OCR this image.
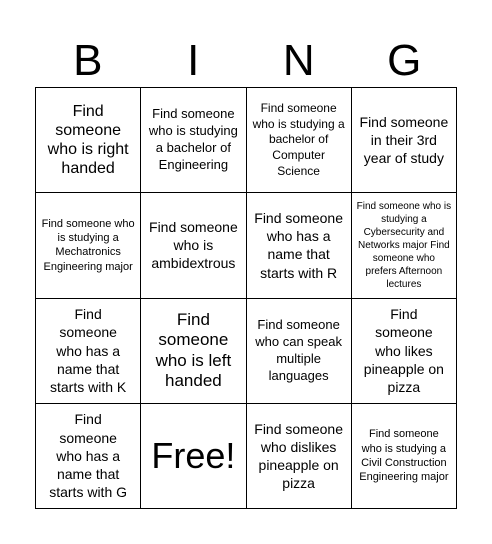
B	I	N	G
Find someone who is right handed
Find someone who is studying a bachelor of Engineering
Find someone who is studying a bachelor of Computer Science
Find someone in their 3rd year of study
Find someone who is studying a Mechatronics Engineering major
Find someone who is ambidextrous
Find someone who has a name that starts with R
Find someone who is studying a Cybersecurity and Networks major Find someone who prefers Afternoon lectures
Find someone who has a name that starts with K
Find someone who is left handed
Find someone who can speak multiple languages
Find someone who likes pineapple on pizza
Find someone who has a name that starts with G
Free!
Find someone who dislikes pineapple on pizza
Find someone who is studying a Civil Construction Engineering major
